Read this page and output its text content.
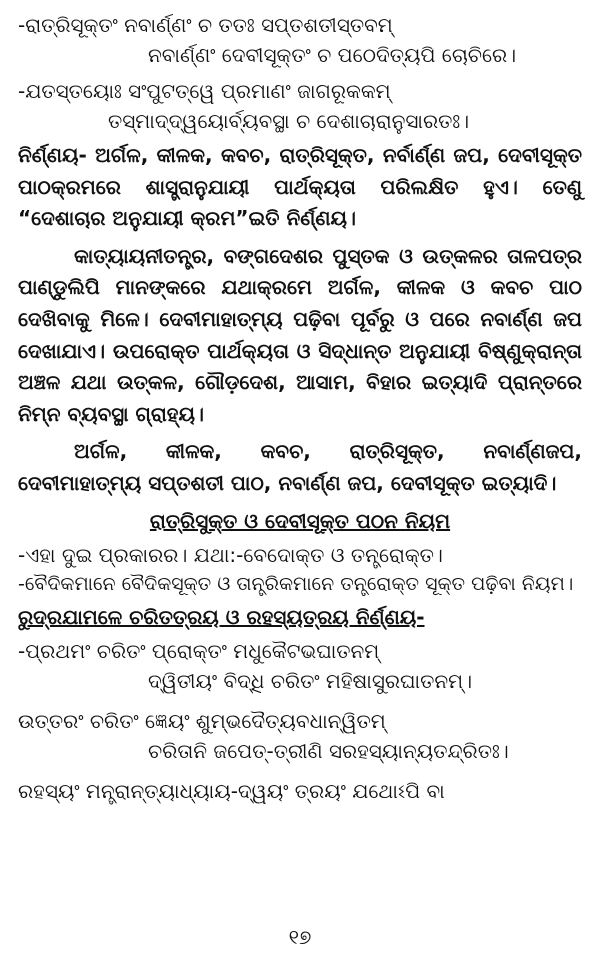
-ରାତ୍ରିସୂକ୍ତଂ ନବାର୍ଣ୍ଣଂ ଚ ତତଃ ସପ୍ତଶତୀସ୍ତବମ୍

ନବାର୍ଣ୍ଣଂ ଦେବୀସୂକ୍ତଂ ଚ ପଠେଦିତ୍ୟପି ଚୋଚିରେ।

-ଯତସ୍ତୟୋଃ ସଂପୁଟତ୍ୱେ ପ୍ରମାଣଂ ଜାଗରୂକକମ୍

ତସ୍ମାଦ୍‌ଦ୍ୱୟୋର୍ବ୍ୟବସ୍ଥା ଚ ଦେଶାଚାରାନୁସାରତଃ।

ନିର୍ଣ୍ଣୟ- ଅର୍ଗଳ, କୀଳକ, କବଚ, ରାତ୍ରିସୂକ୍ତ, ନର୍ବାର୍ଣ୍ଣ ଜପ, ଦେବୀସୂକ୍ତ ପାଠକ୍ରମରେ ଶାସ୍ତ୍ରାନୁଯାୟୀ ପାର୍ଥକ୍ୟତା ପରିଲକ୍ଷିତ ହୁଏ। ତେଣୁ “ଦେଶାଚାର ଅନୁଯାୟୀ କ୍ରମ”ଇତି ନିର୍ଣ୍ଣୟ।

କାତ୍ୟାୟନୀତନ୍ତ୍ର, ବଙ୍ଗଦେଶର ପୁସ୍ତକ ଓ ଉତ୍କଳର ତାଳପତ୍ର ପାଣ୍ଡୁଲିପି ମାନଙ୍କରେ ଯଥାକ୍ରମେ ଅର୍ଗଳ, କୀଳକ ଓ କବଚ ପାଠ ଦେଖିବାକୁ ମିଳେ। ଦେବୀମାହାତ୍ମ୍ୟ ପଢ଼ିବା ପୂର୍ବରୁ ଓ ପରେ ନବାର୍ଣ୍ଣ ଜପ ଦେଖାଯାଏ। ଉପରୋକ୍ତ ପାର୍ଥକ୍ୟତା ଓ ସିଦ୍ଧାନ୍ତ ଅନୁଯାୟୀ ବିଷ୍ଣୁକ୍ରାନ୍ତା ଅଞ୍ଚଳ ଯଥା ଉତ୍କଳ, ଗୌଡ଼ଦେଶ, ଆସାମ, ବିହାର ଇତ୍ୟାଦି ପ୍ରାନ୍ତରେ ନିମ୍ନ ବ୍ୟବସ୍ଥା ଗ୍ରାହ୍ୟ।

ଅର୍ଗଳ, କୀଳକ, କବଚ, ରାତ୍ରିସୂକ୍ତ, ନବାର୍ଣ୍ଣଜପ, ଦେବୀମାହାତ୍ମ୍ୟ ସପ୍ତଶତୀ ପାଠ, ନବାର୍ଣ୍ଣ ଜପ, ଦେବୀସୂକ୍ତ ଇତ୍ୟାଦି।

ରାତ୍ରିସୁକ୍ତ ଓ ଦେବୀସୂକ୍ତ ପଠନ ନିୟମ

-ଏହା ଦୁଇ ପ୍ରକାରର। ଯଥା:-ବେଦୋକ୍ତ ଓ ତନ୍ତ୍ରୋକ୍ତ।

-ବୈଦିକମାନେ ବୈଦିକସୂକ୍ତ ଓ ତାନ୍ତ୍ରିକମାନେ ତନ୍ତ୍ରୋକ୍ତ ସୂକ୍ତ ପଢ଼ିବା ନିୟମ।

ରୁଦ୍ରଯାମଳେ ଚରିତତ୍ରୟ ଓ ରହସ୍ୟତ୍ରୟ ନିର୍ଣ୍ଣୟ-

-ପ୍ରଥମଂ ଚରିତଂ ପ୍ରୋକ୍ତଂ ମଧୁକୈଟଭଘାତନମ୍

ଦ୍ୱିତୀୟଂ ବିଦ୍ଧି ଚରିତଂ ମହିଷାସୁରଘାତନମ୍।

ଉତ୍ତରଂ ଚରିତଂ ଜ୍ଞେୟଂ ଶୁମ୍ଭଦୈତ୍ୟବଧାନ୍ୱିତମ୍

ଚରିତାନି ଜପେତ୍-ତ୍ରୀଣି ସରହସ୍ୟାନ୍ୟତନ୍ଦ୍ରିତଃ।

ରହସ୍ୟଂ ମନ୍ତ୍ରାନ୍ତ୍ୟାଧ୍ୟାୟ-ଦ୍ୱୟଂ ତ୍ରୟଂ ଯଥୋଽପି ବା

୧୭
